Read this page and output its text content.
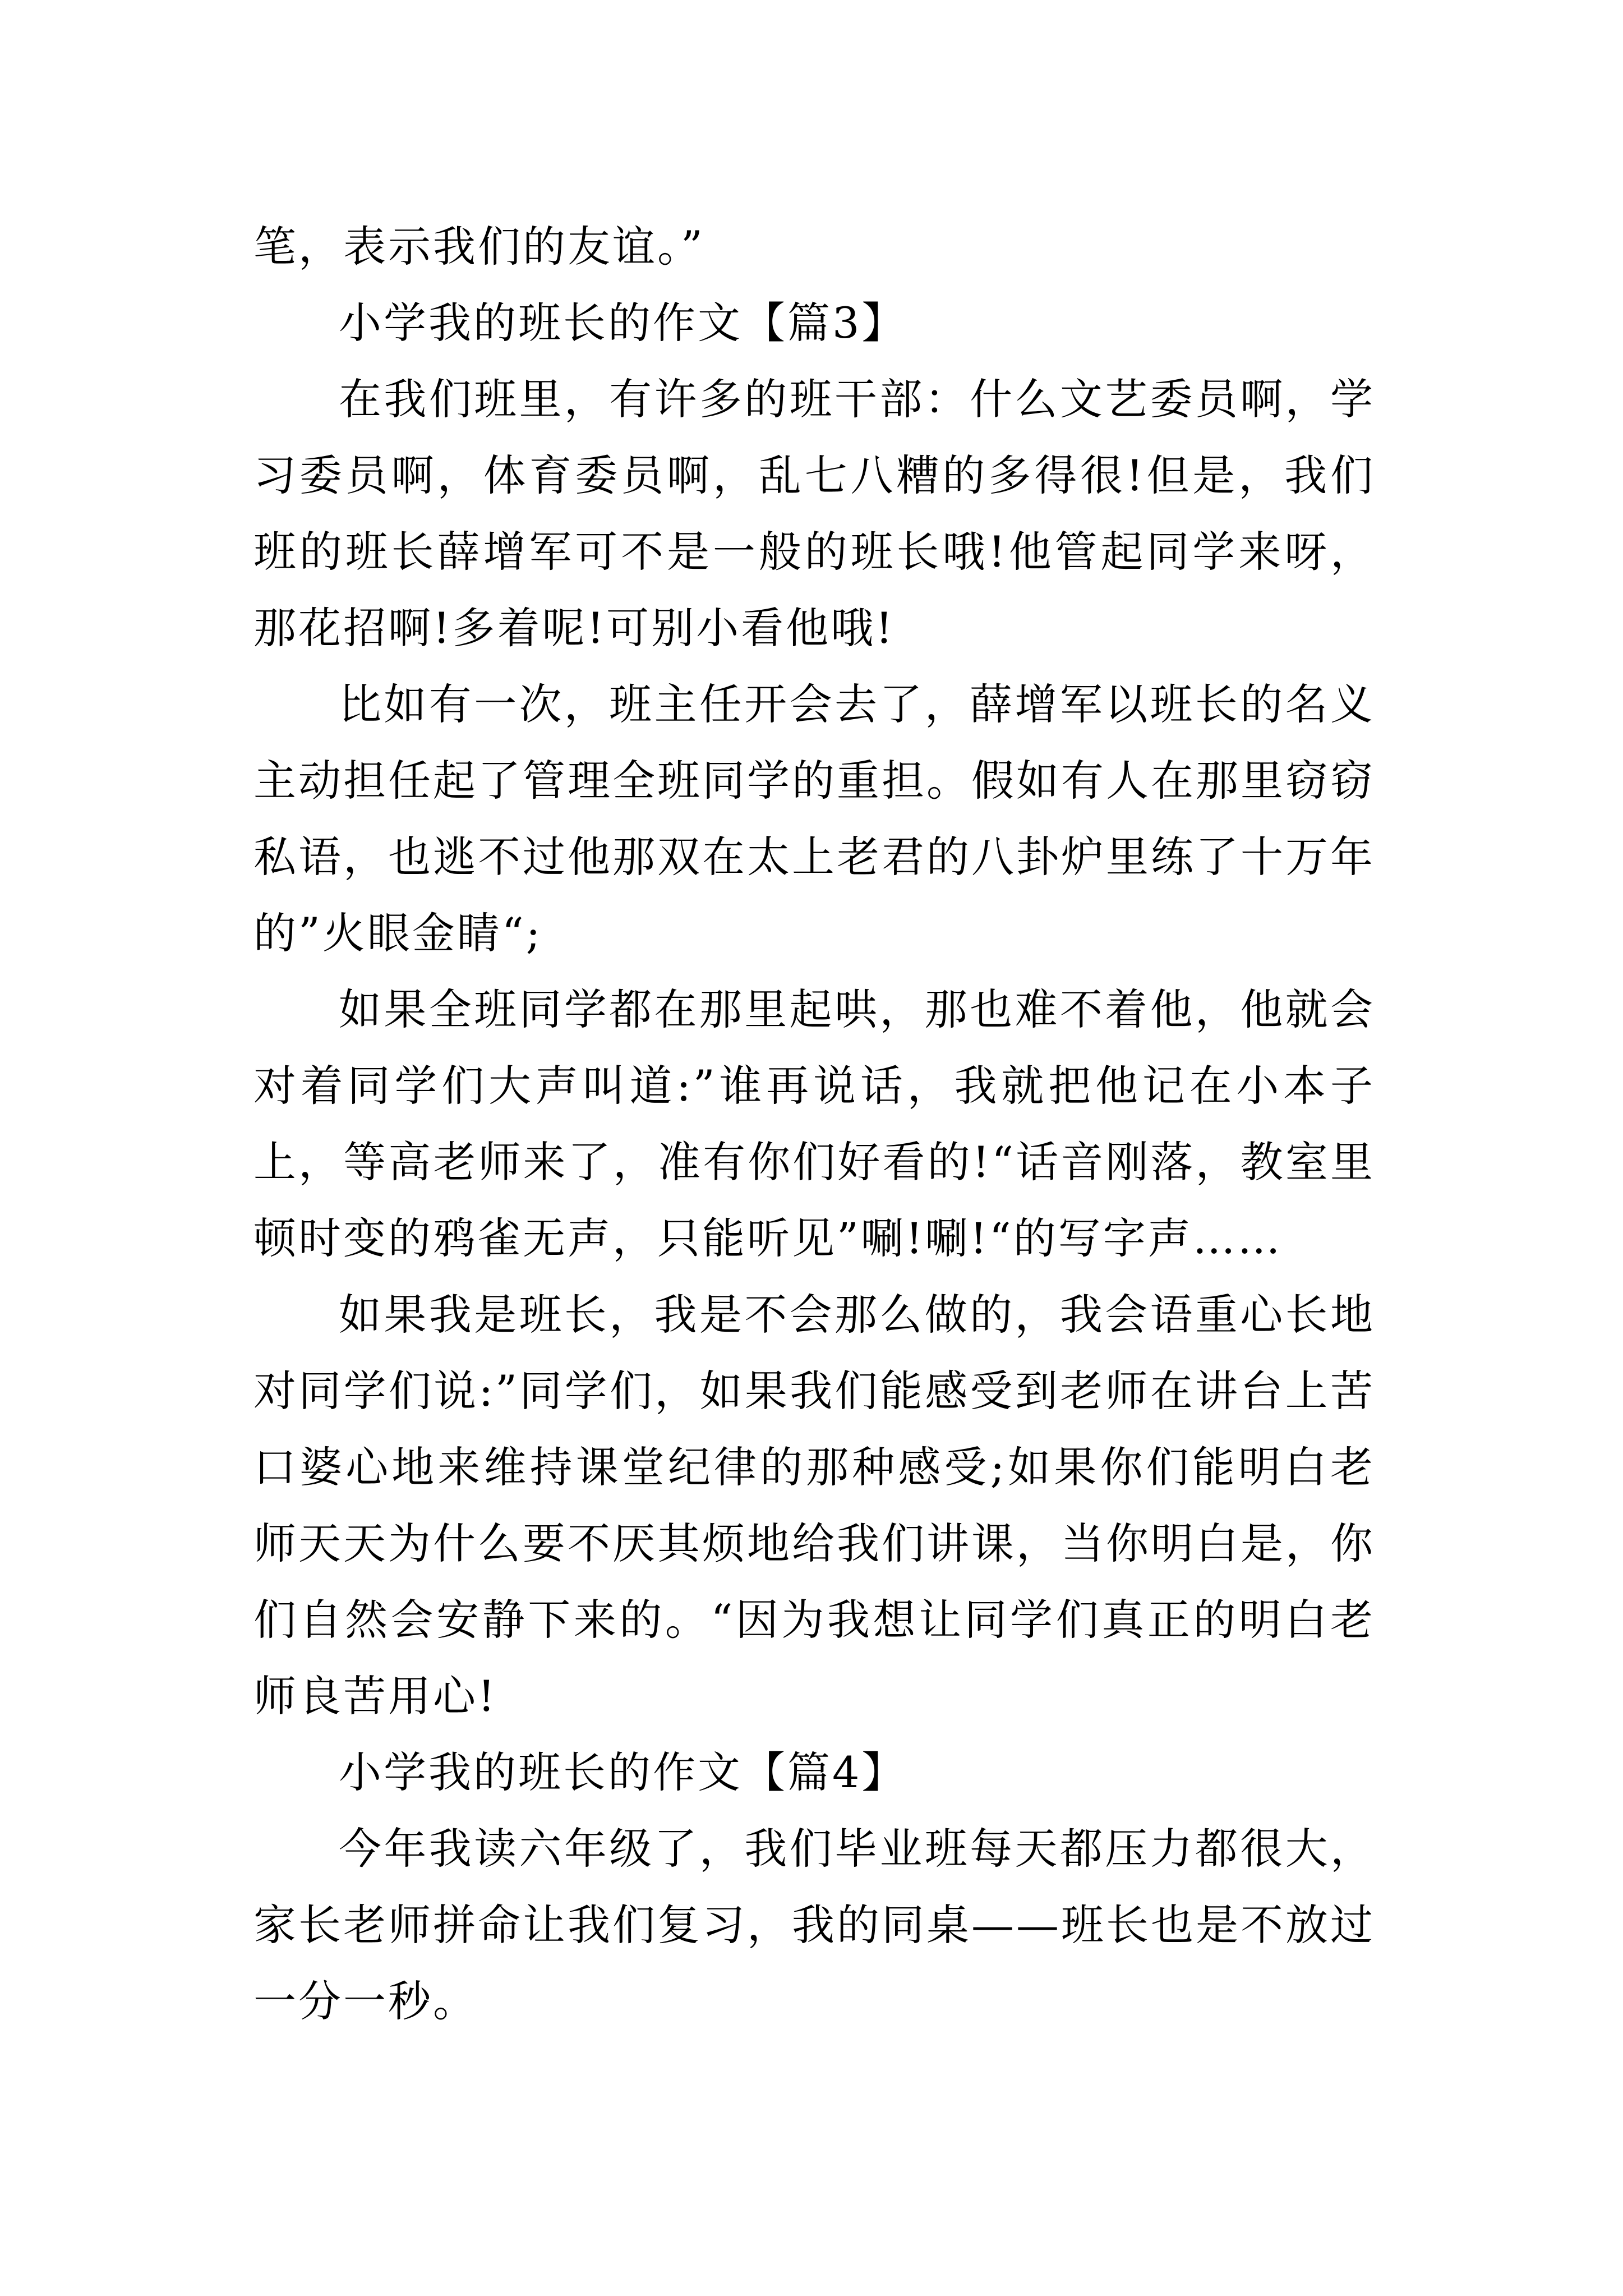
笔，表示我们的友谊。”

小学我的班长的作文【篇3】

在我们班里，有许多的班干部：什么文艺委员啊，学习委员啊，体育委员啊，乱七八糟的多得很!但是，我们班的班长薛增军可不是一般的班长哦!他管起同学来呀，那花招啊!多着呢!可别小看他哦!

比如有一次，班主任开会去了，薛增军以班长的名义主动担任起了管理全班同学的重担。假如有人在那里窃窃私语，也逃不过他那双在太上老君的八卦炉里练了十万年的”火眼金睛“;

如果全班同学都在那里起哄，那也难不着他，他就会对着同学们大声叫道:”谁再说话，我就把他记在小本子上，等高老师来了，准有你们好看的!“话音刚落，教室里顿时变的鸦雀无声，只能听见”唰!唰!“的写字声……

如果我是班长，我是不会那么做的，我会语重心长地对同学们说:”同学们，如果我们能感受到老师在讲台上苦口婆心地来维持课堂纪律的那种感受;如果你们能明白老师天天为什么要不厌其烦地给我们讲课，当你明白是，你们自然会安静下来的。“因为我想让同学们真正的明白老师良苦用心!

小学我的班长的作文【篇4】

今年我读六年级了，我们毕业班每天都压力都很大，家长老师拼命让我们复习，我的同桌——班长也是不放过一分一秒。
